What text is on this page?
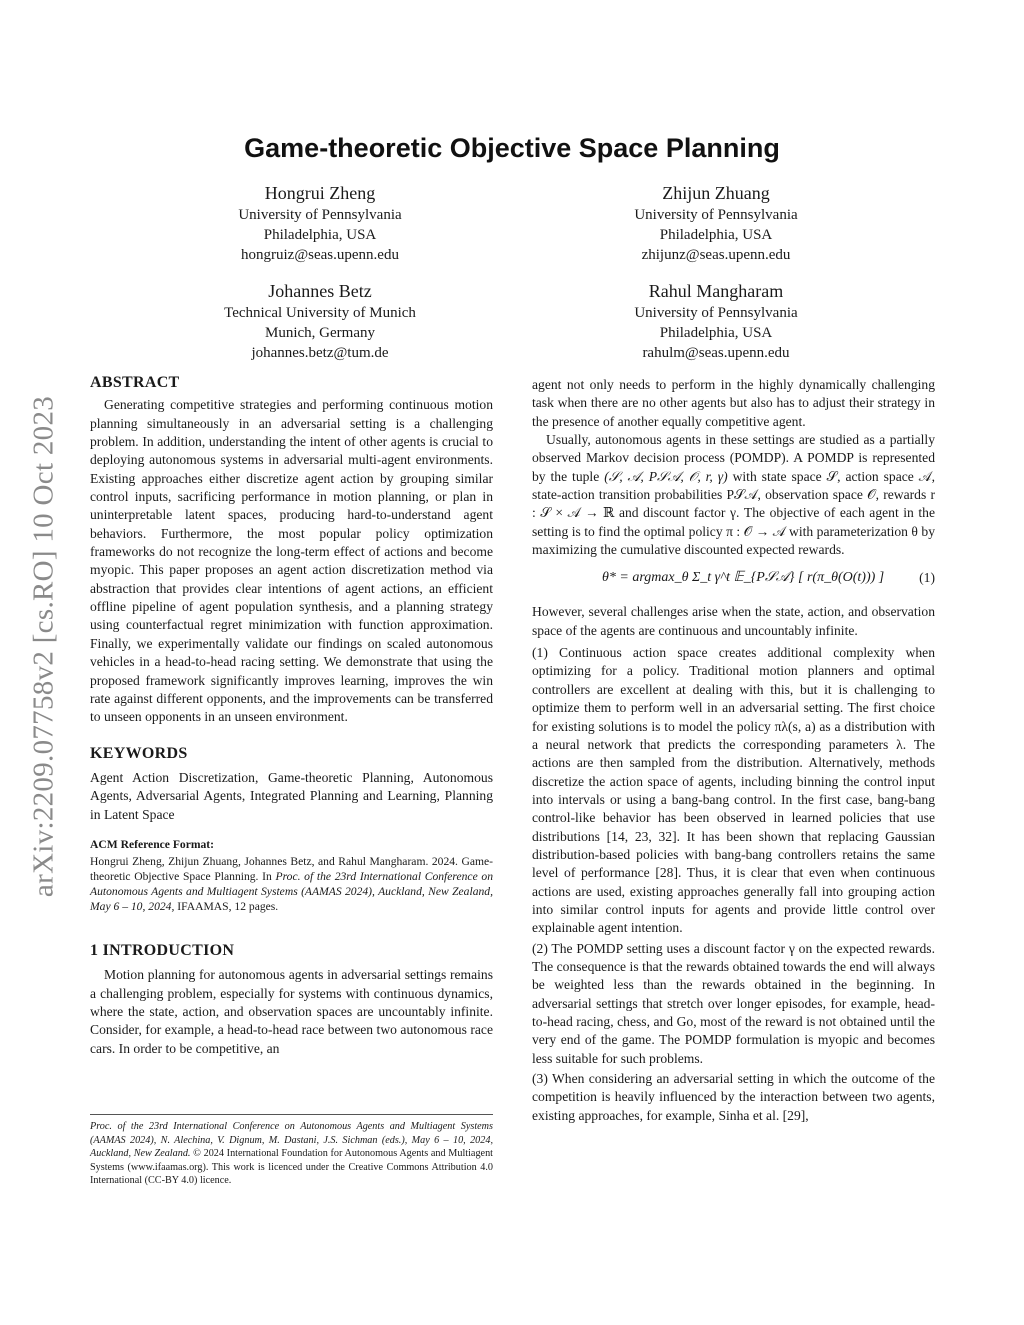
arXiv:2209.07758v2 [cs.RO] 10 Oct 2023
Game-theoretic Objective Space Planning
Hongrui Zheng
University of Pennsylvania
Philadelphia, USA
hongruiz@seas.upenn.edu
Zhijun Zhuang
University of Pennsylvania
Philadelphia, USA
zhijunz@seas.upenn.edu
Johannes Betz
Technical University of Munich
Munich, Germany
johannes.betz@tum.de
Rahul Mangharam
University of Pennsylvania
Philadelphia, USA
rahulm@seas.upenn.edu
ABSTRACT

Generating competitive strategies and performing continuous motion planning simultaneously in an adversarial setting is a challenging problem. In addition, understanding the intent of other agents is crucial to deploying autonomous systems in adversarial multi-agent environments. Existing approaches either discretize agent action by grouping similar control inputs, sacrificing performance in motion planning, or plan in uninterpretable latent spaces, producing hard-to-understand agent behaviors. Furthermore, the most popular policy optimization frameworks do not recognize the long-term effect of actions and become myopic. This paper proposes an agent action discretization method via abstraction that provides clear intentions of agent actions, an efficient offline pipeline of agent population synthesis, and a planning strategy using counterfactual regret minimization with function approximation. Finally, we experimentally validate our findings on scaled autonomous vehicles in a head-to-head racing setting. We demonstrate that using the proposed framework significantly improves learning, improves the win rate against different opponents, and the improvements can be transferred to unseen opponents in an unseen environment.

KEYWORDS

Agent Action Discretization, Game-theoretic Planning, Autonomous Agents, Adversarial Agents, Integrated Planning and Learning, Planning in Latent Space

ACM Reference Format:

Hongrui Zheng, Zhijun Zhuang, Johannes Betz, and Rahul Mangharam. 2024. Game-theoretic Objective Space Planning. In Proc. of the 23rd International Conference on Autonomous Agents and Multiagent Systems (AAMAS 2024), Auckland, New Zealand, May 6 – 10, 2024, IFAAMAS, 12 pages.

1 INTRODUCTION

Motion planning for autonomous agents in adversarial settings remains a challenging problem, especially for systems with continuous dynamics, where the state, action, and observation spaces are uncountably infinite. Consider, for example, a head-to-head race between two autonomous race cars. In order to be competitive, an

Proc. of the 23rd International Conference on Autonomous Agents and Multiagent Systems (AAMAS 2024), N. Alechina, V. Dignum, M. Dastani, J.S. Sichman (eds.), May 6 – 10, 2024, Auckland, New Zealand. © 2024 International Foundation for Autonomous Agents and Multiagent Systems (www.ifaamas.org). This work is licenced under the Creative Commons Attribution 4.0 International (CC-BY 4.0) licence.

agent not only needs to perform in the highly dynamically challenging task when there are no other agents but also has to adjust their strategy in the presence of another equally competitive agent.

Usually, autonomous agents in these settings are studied as a partially observed Markov decision process (POMDP). A POMDP is represented by the tuple (𝒮, 𝒜, P𝒮𝒜, 𝒪, r, γ) with state space 𝒮, action space 𝒜, state-action transition probabilities P𝒮𝒜, observation space 𝒪, rewards r : 𝒮 × 𝒜 → ℝ and discount factor γ. The objective of each agent in the setting is to find the optimal policy π : 𝒪 → 𝒜 with parameterization θ by maximizing the cumulative discounted expected rewards.

θ* = argmax_θ Σ_t γ^t 𝔼_{P𝒮𝒜} [ r(π_θ(O(t))) ]	(1)

However, several challenges arise when the state, action, and observation space of the agents are continuous and uncountably infinite.

(1) Continuous action space creates additional complexity when optimizing for a policy. Traditional motion planners and optimal controllers are excellent at dealing with this, but it is challenging to optimize them to perform well in an adversarial setting. The first choice for existing solutions is to model the policy πλ(s, a) as a distribution with a neural network that predicts the corresponding parameters λ. The actions are then sampled from the distribution. Alternatively, methods discretize the action space of agents, including binning the control input into intervals or using a bang-bang control. In the first case, bang-bang control-like behavior has been observed in learned policies that use distributions [14, 23, 32]. It has been shown that replacing Gaussian distribution-based policies with bang-bang controllers retains the same level of performance [28]. Thus, it is clear that even when continuous actions are used, existing approaches generally fall into grouping action into similar control inputs for agents and provide little control over explainable agent intention.

(2) The POMDP setting uses a discount factor γ on the expected rewards. The consequence is that the rewards obtained towards the end will always be weighted less than the rewards obtained in the beginning. In adversarial settings that stretch over longer episodes, for example, head-to-head racing, chess, and Go, most of the reward is not obtained until the very end of the game. The POMDP formulation is myopic and becomes less suitable for such problems.

(3) When considering an adversarial setting in which the outcome of the competition is heavily influenced by the interaction between two agents, existing approaches, for example, Sinha et al. [29],
